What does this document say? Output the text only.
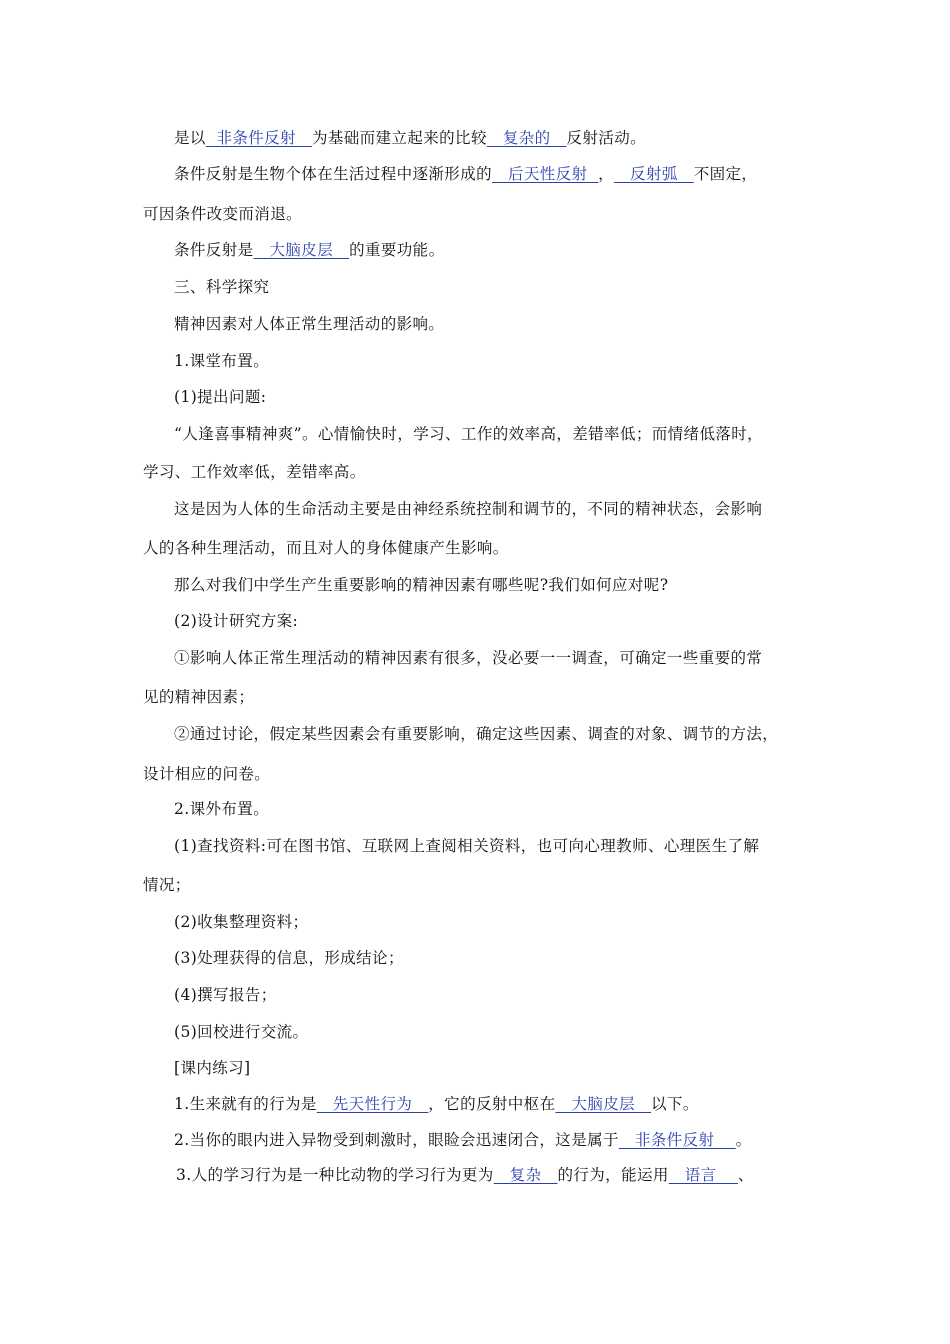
是以  非条件反射   为基础而建立起来的比较   复杂的   反射活动。
条件反射是生物个体在生活过程中逐渐形成的   后天性反射  ，   反射弧   不固定，
可因条件改变而消退。
条件反射是   大脑皮层   的重要功能。
三、科学探究
精神因素对人体正常生理活动的影响。
1.课堂布置。
(1)提出问题:
“人逢喜事精神爽”。心情愉快时，学习、工作的效率高，差错率低；而情绪低落时，
学习、工作效率低，差错率高。
这是因为人体的生命活动主要是由神经系统控制和调节的，不同的精神状态，会影响
人的各种生理活动，而且对人的身体健康产生影响。
那么对我们中学生产生重要影响的精神因素有哪些呢?我们如何应对呢?
(2)设计研究方案:
①影响人体正常生理活动的精神因素有很多，没必要一一调查，可确定一些重要的常
见的精神因素；
②通过讨论，假定某些因素会有重要影响，确定这些因素、调查的对象、调节的方法，
设计相应的问卷。
2.课外布置。
(1)查找资料:可在图书馆、互联网上查阅相关资料，也可向心理教师、心理医生了解
情况；
(2)收集整理资料；
(3)处理获得的信息，形成结论；
(4)撰写报告；
(5)回校进行交流。
[课内练习]
1.生来就有的行为是   先天性行为   ，它的反射中枢在   大脑皮层   以下。
2.当你的眼内进入异物受到刺激时，眼睑会迅速闭合，这是属于   非条件反射    。
3.人的学习行为是一种比动物的学习行为更为   复杂   的行为，能运用   语言    、
